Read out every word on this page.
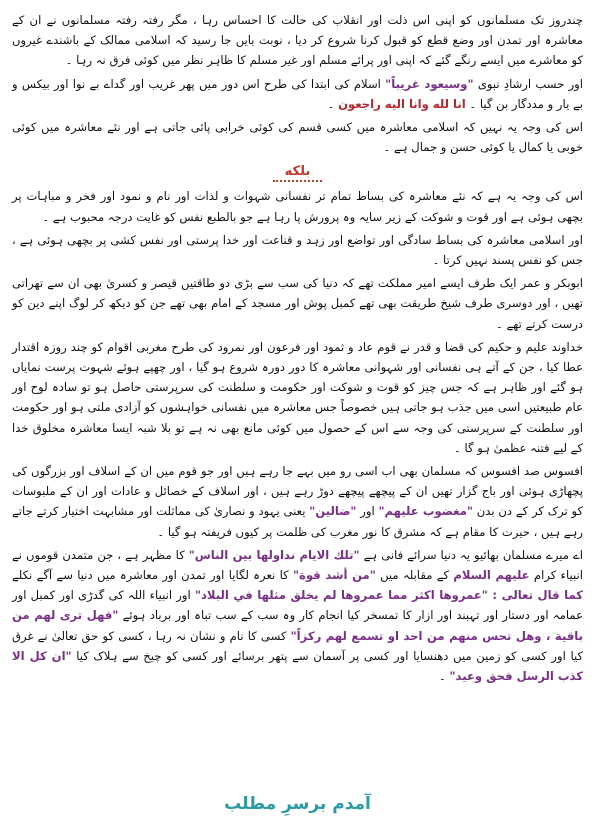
چندروز تک مسلمانوں کو اپنی اس ذلت اور انقلاب کی حالت کا احساس رہا ، مگر رفتہ رفتہ مسلمانوں نے ان کے معاشرہ اور تمدن اور وضع قطع کو قبول کرنا شروع کر دیا ، نوبت بایں جا رسید کہ اسلامی ممالک کے باشندے غیروں کو معاشرے میں ایسے رنگے گئے کہ اپنی اور پرائے مسلم اور غیر مسلم کا ظاہر نظر میں کوئی فرق نہ رہا ۔

اور حسب ارشادِ نبوی "وسيعود غريباً" اسلام کی ابتدا کی طرح اس دور میں پھر غریب اور گداے بے نوا اور بیکس و بے یار و مددگار بن گیا ۔ انا لله وانا اليه راجعون ۔

اس کی وجہ یہ نہیں کہ اسلامی معاشرہ میں کسی قسم کی کوئی خرابی پائی جاتی ہے اور نئے معاشرہ میں کوئی خوبی یا کمال یا کوئی حسن و جمال ہے ۔

بلكه

اس کی وجہ یہ ہے کہ نئے معاشرہ کی بساط تمام تر نفسانی شہوات و لذات اور نام و نمود اور فخر و مباہات پر بچھی ہوئی ہے اور قوت و شوکت کے زیر سایہ وہ پرورش پا رہا ہے جو بالطبع نفس کو غایت درجہ محبوب ہے ۔

اور اسلامی معاشرہ کی بساط سادگی اور تواضع اور زہد و قناعت اور خدا پرستی اور نفس کشی پر بچھی ہوئی ہے ، جس کو نفس پسند نہیں کرتا ۔

ابوبکر و عمر ایک طرف ایسے امیر مملکت تھے کہ دنیا کی سب سے بڑی دو طاقتیں قیصر و کسریٰ بھی ان سے تھراتی تھیں ، اور دوسری طرف شیخ طریقت بھی تھے کمبل پوش اور مسجد کے امام بھی تھے جن کو دیکھ کر لوگ اپنے دین کو درست کرتے تھے ۔

خداوند علیم و حکیم کی قضا و قدر نے قوم عاد و ثمود اور فرعون اور نمرود کی طرح مغربی اقوام کو چند روزہ اقتدار عطا کیا ، جن کے آتے ہی نفسانی اور شہوانی معاشرہ کا دور دورہ شروع ہو گیا ، اور چھپے ہوئے شہوت پرست نمایاں ہو گئے اور ظاہر ہے کہ جس چیز کو قوت و شوکت اور حکومت و سلطنت کی سرپرستی حاصل ہو تو سادہ لوح اور عام طبیعتیں اسی میں جذب ہو جاتی ہیں خصوصاً جس معاشرہ میں نفسانی خواہشوں کو آزادی ملتی ہو اور حکومت اور سلطنت کے سرپرستی کی وجہ سے اس کے حصول میں کوئی مانع بھی نہ ہے تو بلا شبہ ایسا معاشرہ مخلوق خدا کے لیے فتنہ عظمیٰ ہو گا ۔

افسوس صد افسوس کہ مسلمان بھی اب اسی رو میں بہے جا رہے ہیں اور جو قوم میں ان کے اسلاف اور بزرگوں کی پچھاڑی ہوئی اور باج گزار تھیں ان کے پیچھے پیچھے دوڑ رہے ہیں ، اور اسلاف کے خصائل و عادات اور ان کے ملبوسات کو ترک کر کے دن بدن "مغضوب عليهم" اور "ضالين" یعنی یہود و نصاریٰ کی مماثلت اور مشابہت اختیار کرتے جاتے رہے ہیں ، حیرت کا مقام ہے کہ مشرق کا نور مغرب کی ظلمت پر کیوں فریفتہ ہو گیا ۔

اے میرے مسلمان بھائیو یہ دنیا سرائے فانی ہے "تلك الايام نداولها بين الناس" کا مظہر ہے ، جن متمدن قوموں نے انبیاء کرام عليهم السلام کے مقابلہ میں "من أشد قوة" کا نعرہ لگایا اور تمدن اور معاشرہ میں دنیا سے آگے نکلے كما قال تعالى : "عمروها اكثر مما عمروها لم يخلق مثلها في البلاد" اور انبیاء اللہ کی گدڑی اور کمبل اور عمامہ اور دستار اور تہبند اور ازار کا تمسخر کیا انجام کار وہ سب کے سب تباہ اور برباد ہوئے "فهل ترى لهم من باقية ، وهل تحس منهم من احد او تسمع لهم ركزاً" کسی کا نام و نشان نہ رہا ، کسی کو حق تعالیٰ نے غرق کیا اور کسی کو زمین میں دھنسایا اور کسی پر آسمان سے پتھر برسائے اور کسی کو چیخ سے ہلاک کیا "ان كل الا كذب الرسل فحق وعيد" ۔

آمدم برسرِ مطلب
